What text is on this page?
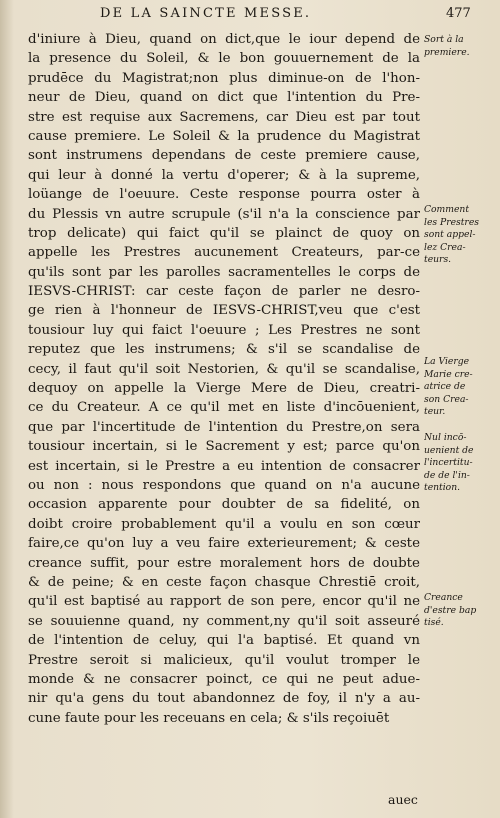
DE LA SAINCTE MESSE.	477
d'iniure à Dieu, quand on dict,que le iour depend de
la presence du Soleil, & le bon gouuernement de la
prudēce du Magistrat;non plus diminue-on de l'hon-
neur de Dieu, quand on dict que l'intention du Pre-
stre est requise aux Sacremens, car Dieu est par tout
cause premiere. Le Soleil & la prudence du Magistrat
sont instrumens dependans de ceste premiere cause,
qui leur à donné la vertu d'operer; & à la supreme,
loüange de l'oeuure. Ceste response pourra oster à
du Plessis vn autre scrupule (s'il n'a la conscience par
trop delicate) qui faict qu'il se plainct de quoy on
appelle les Prestres aucunement Createurs, par-ce
qu'ils sont par les parolles sacramentelles le corps de
IESVS-CHRIST: car ceste façon de parler ne desro-
ge rien à l'honneur de IESVS-CHRIST,veu que c'est
tousiour luy qui faict l'oeuure ; Les Prestres ne sont
reputez que les instrumens; & s'il se scandalise de
cecy, il faut qu'il soit Nestorien, & qu'il se scandalise,
dequoy on appelle la Vierge Mere de Dieu, creatri-
ce du Createur. A ce qu'il met en liste d'incōuenient,
que par l'incertitude de l'intention du Prestre,on sera
tousiour incertain, si le Sacrement y est; parce qu'on
est incertain, si le Prestre a eu intention de consacrer
ou non : nous respondons que quand on n'a aucune
occasion apparente pour doubter de sa fidelité, on
doibt croire probablement qu'il a voulu en son cœur
faire,ce qu'on luy a veu faire exterieurement; & ceste
creance suffit, pour estre moralement hors de doubte
& de peine; & en ceste façon chasque Chrestiē croit,
qu'il est baptisé au rapport de son pere, encor qu'il ne
se souuienne quand, ny comment,ny qu'il soit asseuré
de l'intention de celuy, qui l'a baptisé. Et quand vn
Prestre seroit si malicieux, qu'il voulut tromper le
monde & ne consacrer poinct, ce qui ne peut adue-
nir qu'a gens du tout abandonnez de foy, il n'y a au-
cune faute pour les receuans en cela; & s'ils reçoiuēt
Sort à la
premiere.
Comment
les Prestres
sont appel-
lez Crea-
teurs.
La Vierge
Marie cre-
atrice de
son Crea-
teur.
Nul incō-
uenient de
l'incertitu-
de de l'in-
tention.
Creance
d'estre bap
tisé.
auec
